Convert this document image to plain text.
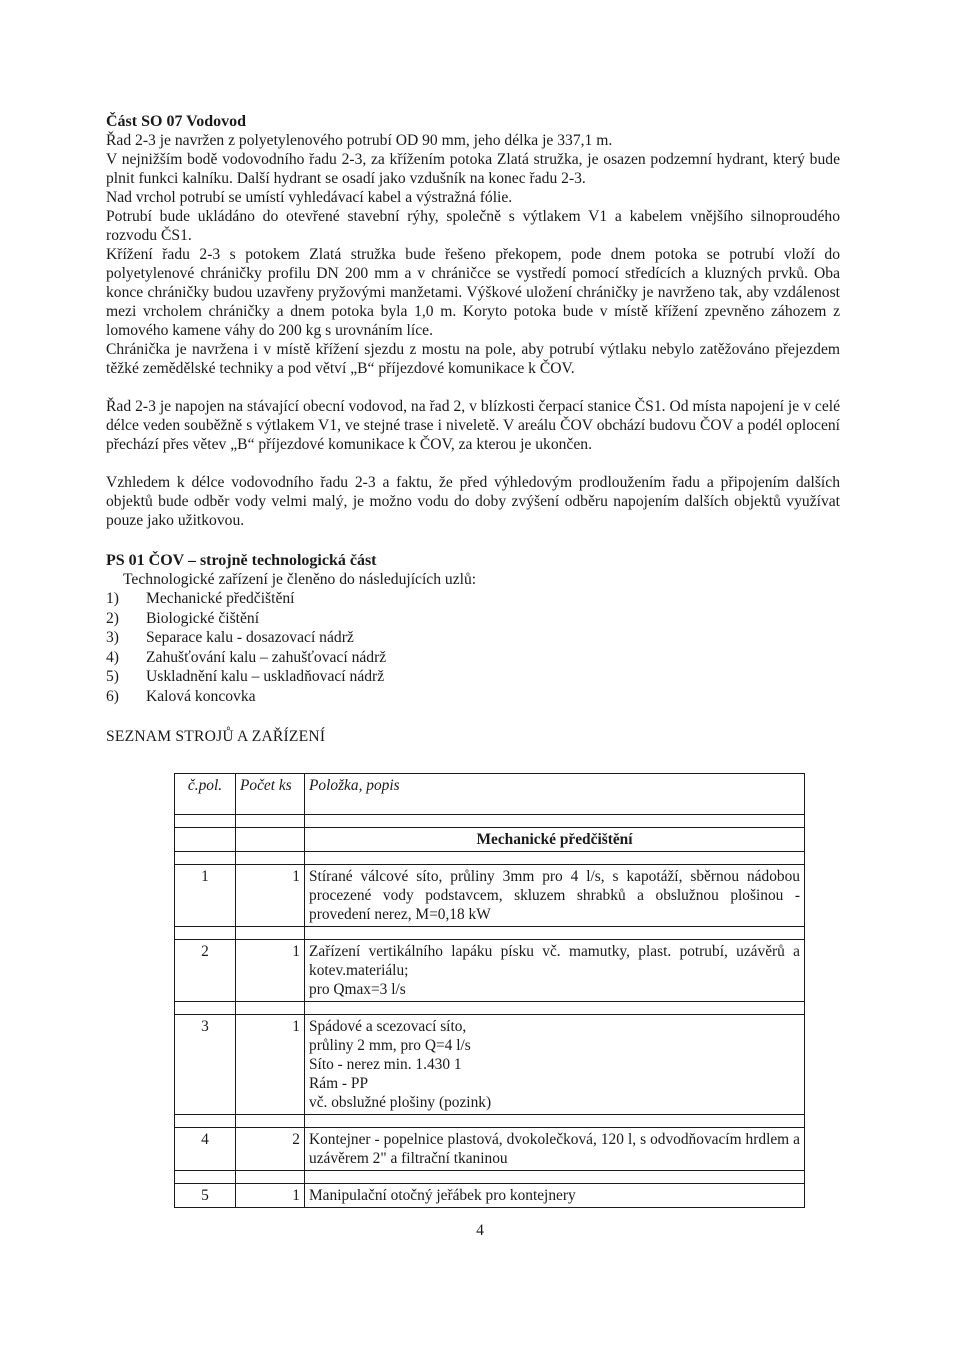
Část SO 07 Vodovod

Řad 2-3 je navržen z polyetylenového potrubí OD 90 mm, jeho délka je 337,1 m.

V nejnižším bodě vodovodního řadu 2-3, za křížením potoka Zlatá stružka, je osazen podzemní hydrant, který bude plnit funkci kalníku. Další hydrant se osadí jako vzdušník na konec řadu 2-3.

Nad vrchol potrubí se umístí vyhledávací kabel a výstražná fólie.

Potrubí bude ukládáno do otevřené stavební rýhy, společně s výtlakem V1 a kabelem vnějšího silnoproudého rozvodu ČS1.

Křížení řadu 2-3 s potokem Zlatá stružka bude řešeno překopem, pode dnem potoka se potrubí vloží do polyetylenové chráničky profilu DN 200 mm a v chráničce se vystředí pomocí středících a kluzných prvků. Oba konce chráničky budou uzavřeny pryžovými manžetami. Výškové uložení chráničky je navrženo tak, aby vzdálenost mezi vrcholem chráničky a dnem potoka byla 1,0 m. Koryto potoka bude v místě křížení zpevněno záhozem z lomového kamene váhy do 200 kg s urovnáním líce.

Chránička je navržena i v místě křížení sjezdu z mostu na pole, aby potrubí výtlaku nebylo zatěžováno přejezdem těžké zemědělské techniky a pod větví „B“ příjezdové komunikace k ČOV.

Řad 2-3 je napojen na stávající obecní vodovod, na řad 2, v blízkosti čerpací stanice ČS1. Od místa napojení je v celé délce veden souběžně s výtlakem V1, ve stejné trase i niveletě. V areálu ČOV obchází budovu ČOV a podél oplocení přechází přes větev „B“ příjezdové komunikace k ČOV, za kterou je ukončen.

Vzhledem k délce vodovodního řadu 2-3 a faktu, že před výhledovým prodloužením řadu a připojením dalších objektů bude odběr vody velmi malý, je možno vodu do doby zvýšení odběru napojením dalších objektů využívat pouze jako užitkovou.

PS 01 ČOV – strojně technologická část

Technologické zařízení je členěno do následujících uzlů:

1)	Mechanické předčištění
2)	Biologické čištění
3)	Separace kalu - dosazovací nádrž
4)	Zahušťování kalu – zahušťovací nádrž
5)	Uskladnění kalu – uskladňovací nádrž
6)	Kalová koncovka

SEZNAM STROJŮ A ZAŘÍZENÍ

č.pol.	Počet ks	Položka, popis

		Mechanické předčištění

1	1	Stírané válcové síto, průliny 3mm pro 4 l/s, s kapotáží, sběrnou nádobou procezené vody podstavcem, skluzem shrabků a obslužnou plošinou - provedení nerez, M=0,18 kW

2	1	Zařízení vertikálního lapáku písku vč. mamutky, plast. potrubí, uzávěrů a kotev.materiálu;
pro Qmax=3 l/s

3	1	Spádové a scezovací síto,
průliny 2 mm, pro Q=4 l/s
Síto - nerez min. 1.430 1
Rám - PP
vč. obslužné plošiny (pozink)

4	2	Kontejner - popelnice plastová, dvokolečková, 120 l, s odvodňovacím hrdlem a uzávěrem 2" a filtrační tkaninou

5	1	Manipulační otočný jeřábek pro kontejnery
4
